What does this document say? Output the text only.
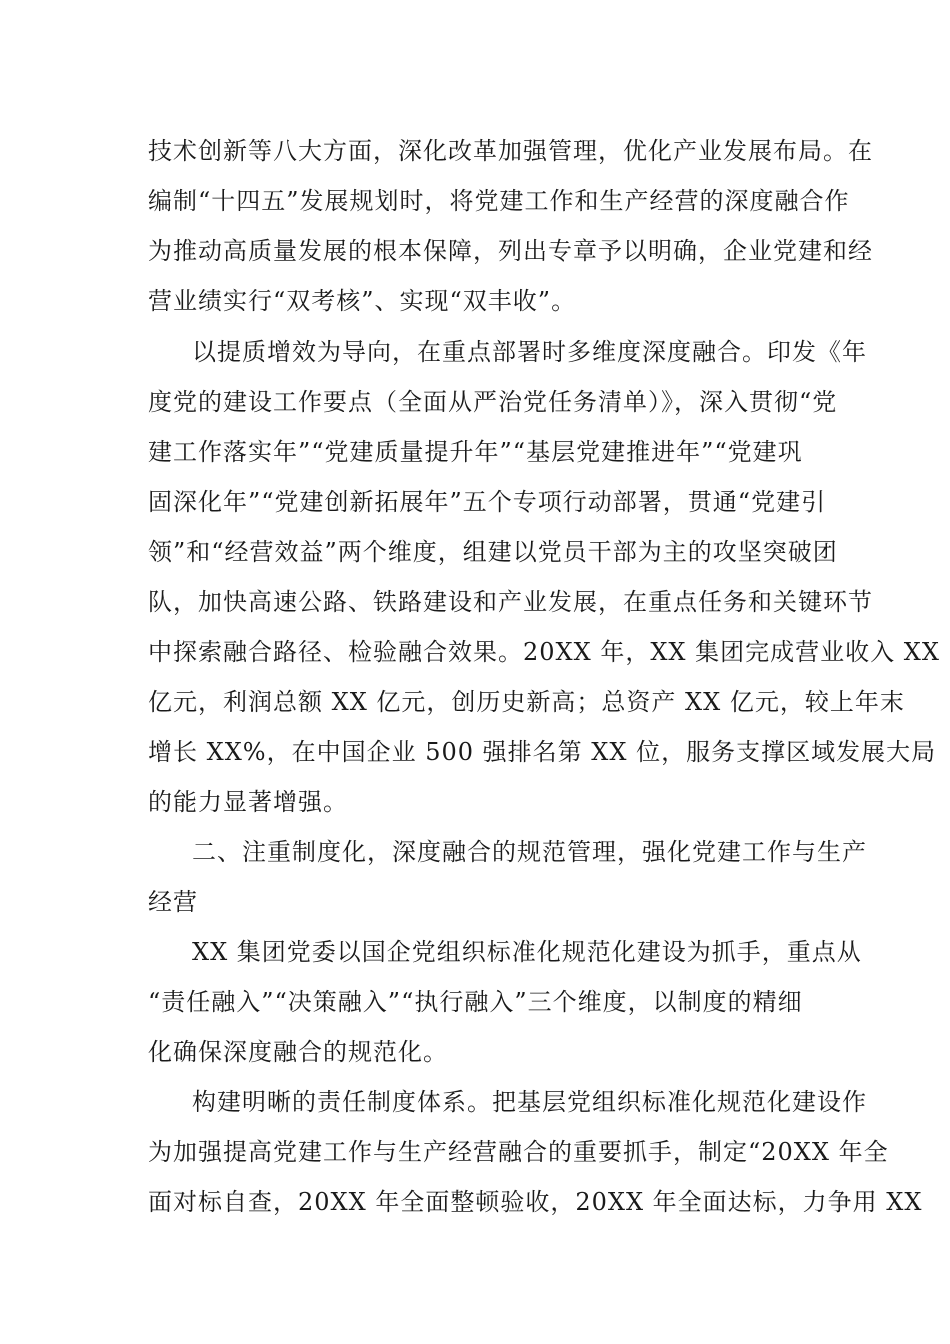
技术创新等八大方面，深化改革加强管理，优化产业发展布局。在
编制“十四五”发展规划时，将党建工作和生产经营的深度融合作
为推动高质量发展的根本保障，列出专章予以明确，企业党建和经
营业绩实行“双考核”、实现“双丰收”。
以提质增效为导向，在重点部署时多维度深度融合。印发《年
度党的建设工作要点（全面从严治党任务清单）》，深入贯彻“党
建工作落实年”“党建质量提升年”“基层党建推进年”“党建巩
固深化年”“党建创新拓展年”五个专项行动部署，贯通“党建引
领”和“经营效益”两个维度，组建以党员干部为主的攻坚突破团
队，加快高速公路、铁路建设和产业发展，在重点任务和关键环节
中探索融合路径、检验融合效果。20XX 年，XX 集团完成营业收入 XX
亿元，利润总额 XX 亿元，创历史新高；总资产 XX 亿元，较上年末
增长 XX%，在中国企业 500 强排名第 XX 位，服务支撑区域发展大局
的能力显著增强。
二、注重制度化，深度融合的规范管理，强化党建工作与生产
经营
XX 集团党委以国企党组织标准化规范化建设为抓手，重点从
“责任融入”“决策融入”“执行融入”三个维度，以制度的精细
化确保深度融合的规范化。
构建明晰的责任制度体系。把基层党组织标准化规范化建设作
为加强提高党建工作与生产经营融合的重要抓手，制定“20XX 年全
面对标自查，20XX 年全面整顿验收，20XX 年全面达标，力争用 XX
